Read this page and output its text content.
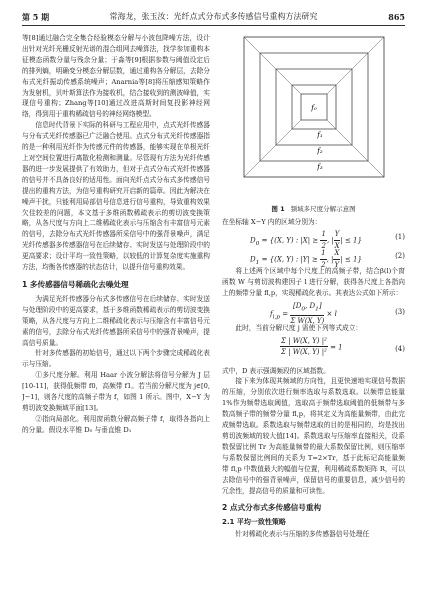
第 5 期	常海龙，张玉汝：光纤点式分布式多传感信号重构方法研究	865

等[8]通过融合完全集合经验模态分解与小波包降噪方法，设计出针对光纤光栅反射光谱的混合组网去噪算法，找学参加重构本征模态函数分量与残余分量；于淼等[9]根据参数与阈值设定后的排列熵，明确变分模态分解层数，通过重构各分解层，去除分布式光纤振动传感系统噪声；Anarnia等[8]将压缩感知策略作为发射机，贝叶斯算法作为接收机，结合接收到的测波峰值，实现信号重构；Zhang等[10]通过改进高斯时间复投影神经网络，得到用于重构稀疏信号的神经网络模型。

信息时代背景下实际的科研与工程应用中，点式光纤传感器与分布式光纤传感器已广泛融合使用。点式分布式光纤传感器指的是一种利用光纤作为传感元件的传感器，能够实现在单根光纤上对空间位置进行离散化检测和测量。尽管现有方法为光纤传感器的进一步发展提供了有效助力，但对于点式分布式光纤传感器的信号并不具备良好的适用性。面向光纤点式分布式多传感信号提出的重构方法，为信号重构研究开启新的篇章。因此为解决在噪声干扰，只能利用局部信号信息进行信号重构，导致重构效果欠佳较差的问题，本文基于多维函数稀疏表示的剪切波变换策略，从各尺度与方向上二维稀疏化表示与压缩含有丰富信号元素的信号，去除分布式光纤传感器所采信号中的强背景噪声，满足光纤传感器多传感器信号在后续储存、实时发送与处理阶段中的更高要求；设计平均一致性策略，以较低的计算复杂度实施重构方法，均衡各传感器的状态估计，以提升信号重构效果。

1 多传感器信号稀疏化去噪处理

为满足光纤传感器分布式多传感信号在后续储存、实时发送与处理阶段中的更高要求，基于多维函数稀疏表示的剪切波变换策略，从各尺度与方向上二维稀疏化表示与压缩含有丰富信号元素的信号，去除分布式光纤传感器所采信号中的强背景噪声，提高信号质量。

针对多传感器的初始信号，通过以下两个步骤完成稀疏化表示与压缩。

①多尺度分解。利用 Haar 小波分解法将信号分解为 J 层[10-11]，获得低频带 f0，高频带 f1。若当前分解尺度为 j∈[0, J−1]，则各尺度的高频子带为 f，如图 1 所示。图中，X−Y 为剪切波变换频域平面[13]。

②指向局部化。利用窗函数分解高频子带 f，取得各指向上的分量。假设水平锥 D₀ 与垂直锥 D₁

f₀
f₁
f₂
f₃
图 1 频域多尺度分解示意图

在坐标轴 X−Y 内的区域分别为：

$D_0 = \{(X$, Y) : $|X| \ge \frac{1}{2}$ , | $\frac{Y}{X}$ | ≤ 1}	(1)
$D_1 = \{(X$, Y) : $|Y| \ge \frac{1}{2}$ , | $\frac{X}{Y}$ | ≤ 1}	(2)

将上述两个区域中每个尺度上的高频子带，结合β(l)个窗函数 W 与剪切波构建因子 l 进行分解，获得各尺度上各指向上的频带分量 fl,p，实现稀疏化表示。其表达公式如下所示：

$f_{l,p} = \frac{[D_0, D_1]}{\text{Σ W(X, Y)}} \times l$	(3)

此时，当前分解尺度 j 需使下列等式成立：

$\frac{\text{Σ | W(X, Y) |²}}{\text{Σ | W(X, Y) |²}} = 1$	(4)

式中，D 表示强调频段的区域指数。

接下来为体现其频域的方向性，且更快速地实现信号数据的压缩，分别依次进行频率选取与系数选取。以频带总能量 1%作为频带选取阈值，选取高于频带选取阈值的低频带与多数高频子带的频带分量 fl,p，将其定义为高能量频带，由此完成频带选取。系数选取与频带选取的目的是相同的，均是找出剪切波频域的较大值[14]。系数选取与压缩率直接相关，设系数保留比例 Tr 为高能量频带的最大系数保留比例，则压缩率与系数保留比例间的关系为 T=2×Tr，基于此标记高能量频带 fl,p 中数值最大的幅值与位置，利用稀疏系数矩阵 R，可以去除信号中的强背景噪声，保留信号的重要信息，减少信号的冗余性，提高信号的质量和可读性。

2 点式分布式多传感信号重构
2.1 平均一致性策略

针对稀疏化表示与压缩的多传感器信号处理任
